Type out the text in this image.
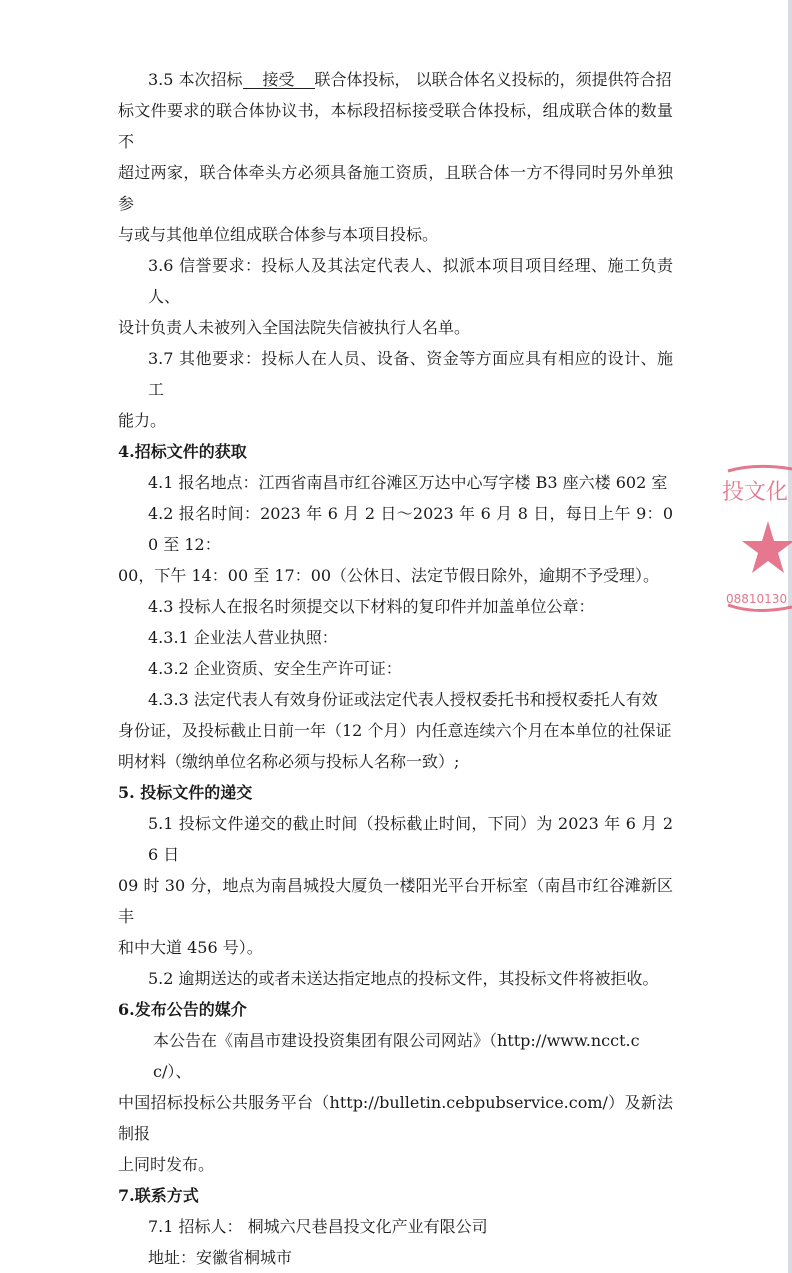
3.5 本次招标 接受 联合体投标， 以联合体名义投标的，须提供符合招
标文件要求的联合体协议书，本标段招标接受联合体投标，组成联合体的数量不
超过两家，联合体牵头方必须具备施工资质，且联合体一方不得同时另外单独参
与或与其他单位组成联合体参与本项目投标。
3.6 信誉要求：投标人及其法定代表人、拟派本项目项目经理、施工负责人、
设计负责人未被列入全国法院失信被执行人名单。
3.7 其他要求：投标人在人员、设备、资金等方面应具有相应的设计、施工
能力。
4.招标文件的获取
4.1 报名地点：江西省南昌市红谷滩区万达中心写字楼 B3 座六楼 602 室
4.2 报名时间：2023 年 6 月 2 日～2023 年 6 月 8 日，每日上午 9：00 至 12：
00，下午 14：00 至 17：00（公休日、法定节假日除外，逾期不予受理）。
4.3 投标人在报名时须提交以下材料的复印件并加盖单位公章：
4.3.1 企业法人营业执照：
4.3.2 企业资质、安全生产许可证：
4.3.3 法定代表人有效身份证或法定代表人授权委托书和授权委托人有效
身份证，及投标截止日前一年（12 个月）内任意连续六个月在本单位的社保证
明材料（缴纳单位名称必须与投标人名称一致）;
5. 投标文件的递交
5.1 投标文件递交的截止时间（投标截止时间，下同）为 2023 年 6 月 26 日
09 时 30 分，地点为南昌城投大厦负一楼阳光平台开标室（南昌市红谷滩新区丰
和中大道 456 号）。
5.2 逾期送达的或者未送达指定地点的投标文件，其投标文件将被拒收。
6.发布公告的媒介
本公告在《南昌市建设投资集团有限公司网站》（http://www.ncct.cc/）、
中国招标投标公共服务平台（http://bulletin.cebpubservice.com/）及新法制报
上同时发布。
7.联系方式
7.1 招标人： 桐城六尺巷昌投文化产业有限公司
地址：安徽省桐城市
投文化
08810130
